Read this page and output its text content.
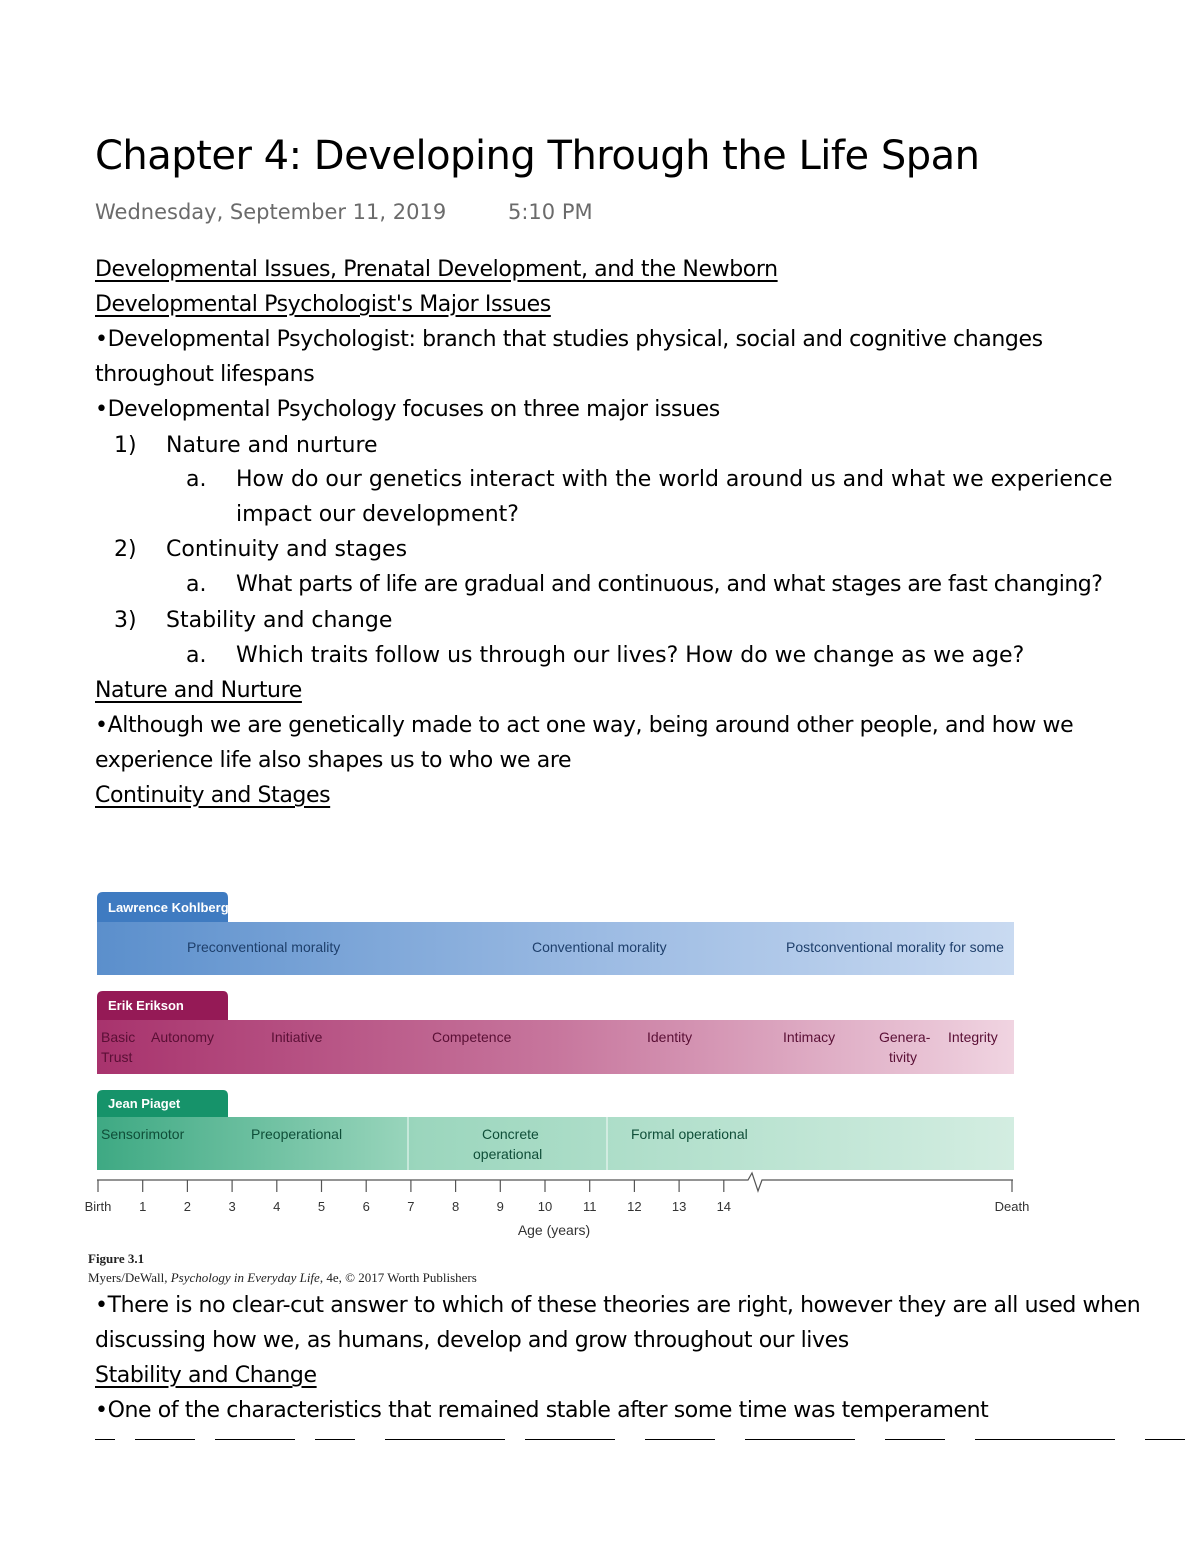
Chapter 4: Developing Through the Life Span
Wednesday, September 11, 2019	5:10 PM
Developmental Issues, Prenatal Development, and the Newborn
Developmental Psychologist's Major Issues
•Developmental Psychologist: branch that studies physical, social and cognitive changes
throughout lifespans
•Developmental Psychology focuses on three major issues
1) Nature and nurture
a. How do our genetics interact with the world around us and what we experience
impact our development?
2) Continuity and stages
a. What parts of life are gradual and continuous, and what stages are fast changing?
3) Stability and change
a. Which traits follow us through our lives? How do we change as we age?
Nature and Nurture
•Although we are genetically made to act one way, being around other people, and how we
experience life also shapes us to who we are
Continuity and Stages
Lawrence Kohlberg
Preconventional morality	Conventional morality	Postconventional morality for some
Erik Erikson
Basic
Trust
Autonomy	Initiative	Competence	Identity	Intimacy	Genera-
tivity
Integrity
Jean Piaget
Sensorimotor	Preoperational	Concrete
operational
Formal operational
Birth 1	2	3	4	5	6	7	8	9	10 11 12 13 14	Death
Age (years)
Figure 3.1
Myers/DeWall, Psychology in Everyday Life, 4e, © 2017 Worth Publishers
•There is no clear-cut answer to which of these theories are right, however they are all used when
discussing how we, as humans, develop and grow throughout our lives
Stability and Change
•One of the characteristics that remained stable after some time was temperament
